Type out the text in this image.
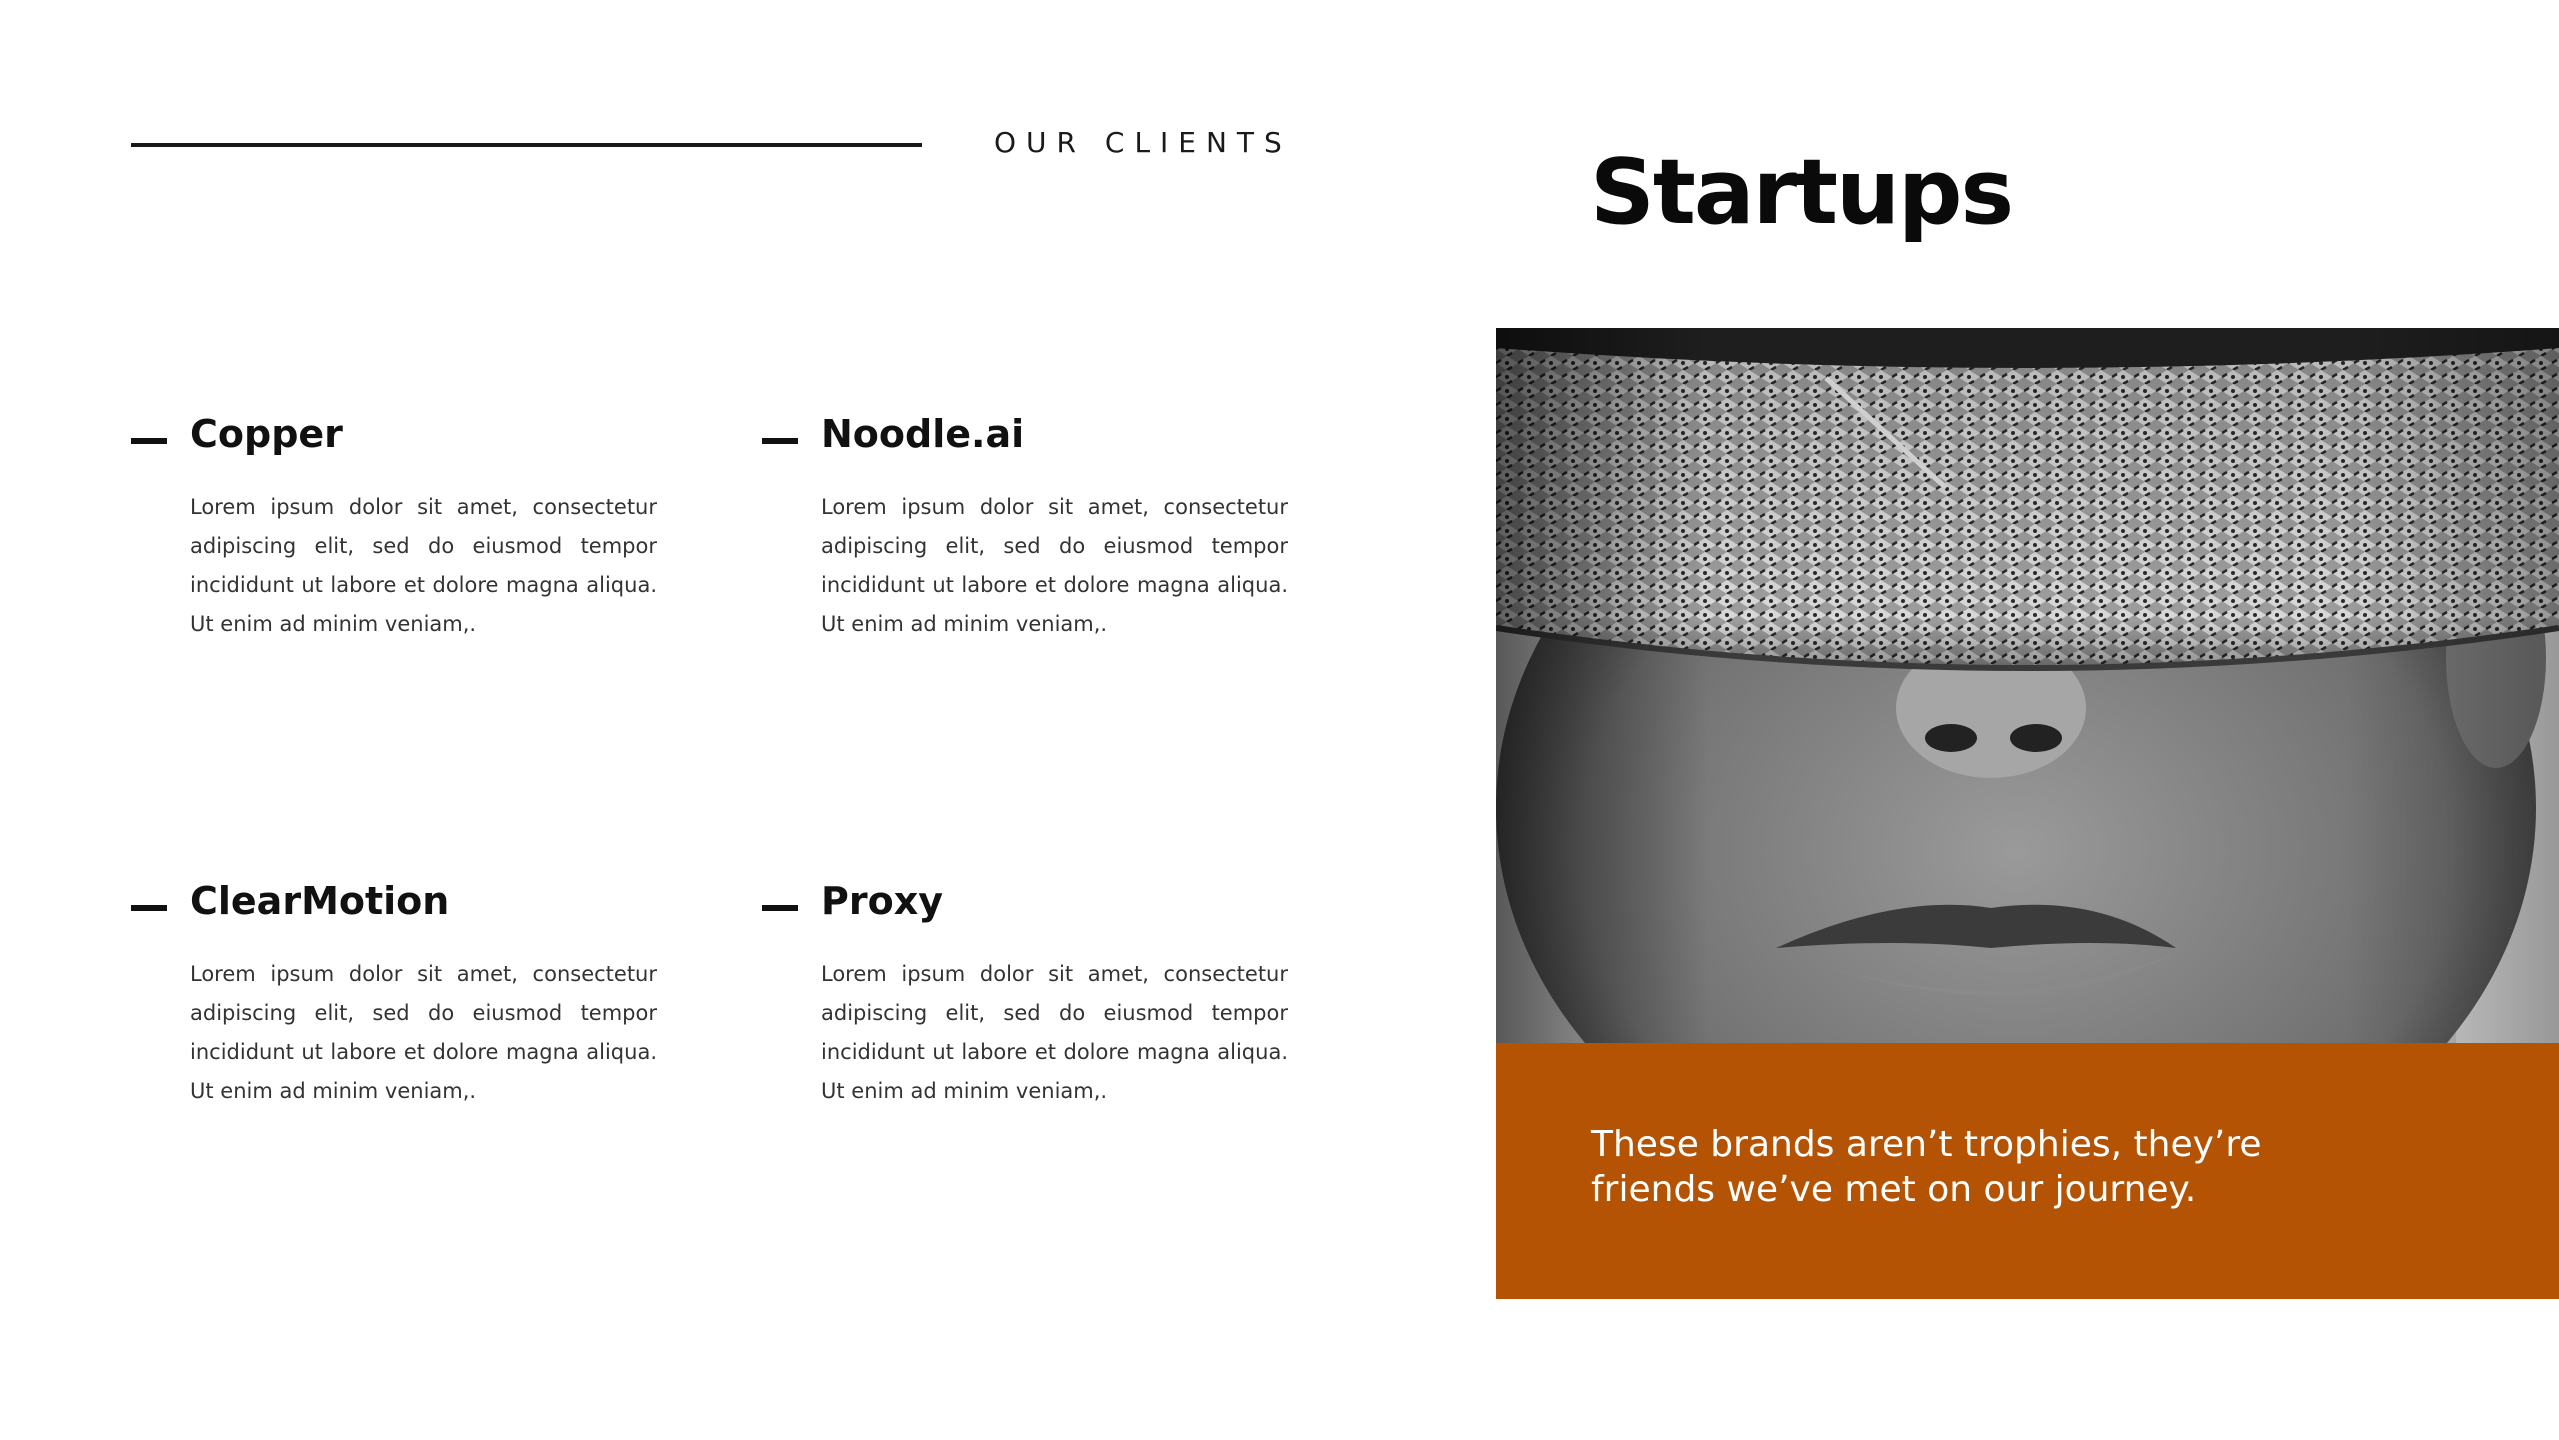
OUR CLIENTS	Startups
Copper

Lorem ipsum dolor sit amet, consectetur adipiscing elit, sed do eiusmod tempor incididunt ut labore et dolore magna aliqua. Ut enim ad minim veniam,.

Noodle.ai

Lorem ipsum dolor sit amet, consectetur adipiscing elit, sed do eiusmod tempor incididunt ut labore et dolore magna aliqua. Ut enim ad minim veniam,.

ClearMotion

Lorem ipsum dolor sit amet, consectetur adipiscing elit, sed do eiusmod tempor incididunt ut labore et dolore magna aliqua. Ut enim ad minim veniam,.

Proxy

Lorem ipsum dolor sit amet, consectetur adipiscing elit, sed do eiusmod tempor incididunt ut labore et dolore magna aliqua. Ut enim ad minim veniam,.

These brands aren’t trophies, they’re friends we’ve met on our journey.
